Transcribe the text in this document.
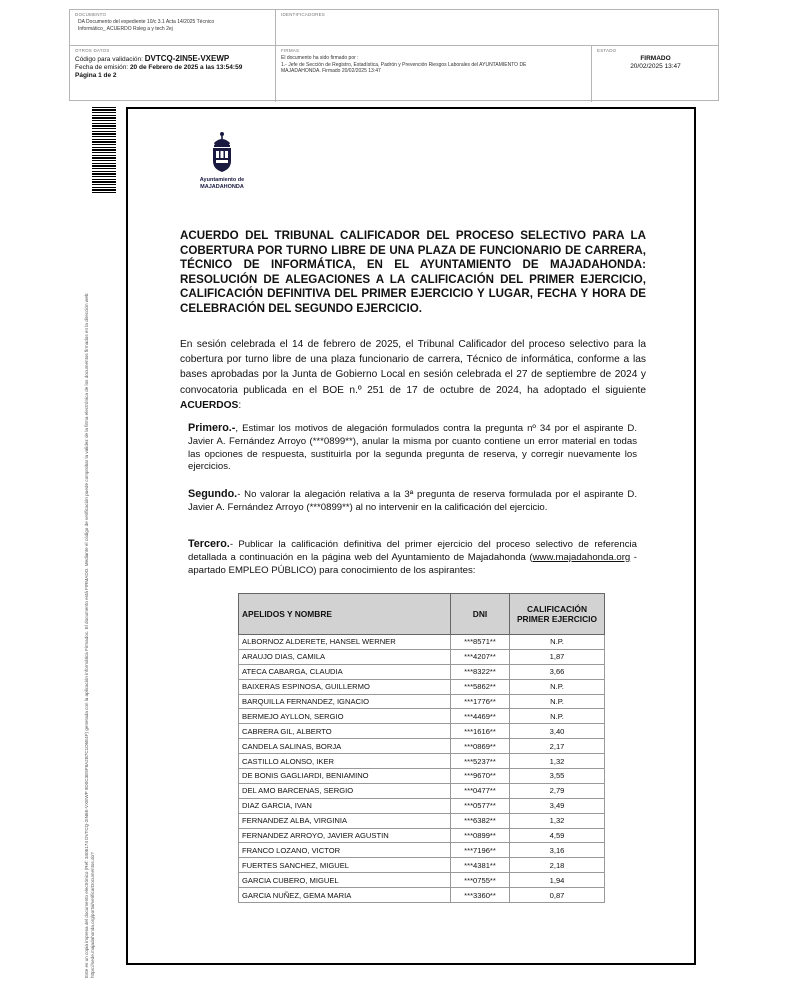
DOCUMENTO
DA Documento del expediente 10/c 3.1 Acta 14/2025 Técnico
Informático_ ACUERDO Rsleg a y tech 2ej
IDENTIFICADORES
OTROS DATOS
Código para validación: DVTCQ-2IN5E-VXEWP
Fecha de emisión: 20 de Febrero de 2025 a las 13:54:59
Página 1 de 2
FIRMAS
El documento ha sido firmado por :
1.- Jefe de Sección de Registro, Estadística, Padrón y Prevención Riesgos Laborales del AYUNTAMIENTO DE
MAJADAHONDA. Firmado 20/02/2025 13:47
ESTADO
FIRMADO
20/02/2025 13:47
Este es un copia impresa del documento electrónico (Ref: 3406174 DVTCQ-2IN5E-VXEWP 9D0C3E5F8A2B7C1D6E4F) generada con la aplicación informática Firmadoc. El documento está FIRMADO. Mediante el código de verificación puede comprobar la validez de la firma electrónica de los documentos firmados en la dirección web: https://sede.majadahonda.org/portal/verificarDocumentos.do?
Ayuntamiento de
MAJADAHONDA
ACUERDO DEL TRIBUNAL CALIFICADOR DEL PROCESO SELECTIVO PARA LA COBERTURA POR TURNO LIBRE DE UNA PLAZA DE FUNCIONARIO DE CARRERA, TÉCNICO DE INFORMÁTICA, EN EL AYUNTAMIENTO DE MAJADAHONDA: RESOLUCIÓN DE ALEGACIONES A LA CALIFICACIÓN DEL PRIMER EJERCICIO, CALIFICACIÓN DEFINITIVA DEL PRIMER EJERCICIO Y LUGAR, FECHA Y HORA DE CELEBRACIÓN DEL SEGUNDO EJERCICIO.
En sesión celebrada el 14 de febrero de 2025, el Tribunal Calificador del proceso selectivo para la cobertura por turno libre de una plaza funcionario de carrera, Técnico de informática, conforme a las bases aprobadas por la Junta de Gobierno Local en sesión celebrada el 27 de septiembre de 2024 y convocatoria publicada en el BOE n.º 251 de 17 de octubre de 2024, ha adoptado el siguiente ACUERDOS:
Primero.-, Estimar los motivos de alegación formulados contra la pregunta nº 34 por el aspirante D. Javier A. Fernández Arroyo (***0899**), anular la misma por cuanto contiene un error material en todas las opciones de respuesta, sustituirla por la segunda pregunta de reserva, y corregir nuevamente los ejercicios.
Segundo.- No valorar la alegación relativa a la 3ª pregunta de reserva formulada por el aspirante D. Javier A. Fernández Arroyo (***0899**) al no intervenir en la calificación del ejercicio.
Tercero.- Publicar la calificación definitiva del primer ejercicio del proceso selectivo de referencia detallada a continuación en la página web del Ayuntamiento de Majadahonda (www.majadahonda.org - apartado EMPLEO PÚBLICO) para conocimiento de los aspirantes:
APELIDOS Y NOMBRE	DNI	CALIFICACIÓN PRIMER EJERCICIO
ALBORNOZ ALDERETE, HANSEL WERNER	***8571**	N.P.
ARAUJO DIAS, CAMILA	***4207**	1,87
ATECA CABARGA, CLAUDIA	***8322**	3,66
BAIXERAS ESPINOSA, GUILLERMO	***5862**	N.P.
BARQUILLA FERNANDEZ, IGNACIO	***1776**	N.P.
BERMEJO AYLLON, SERGIO	***4469**	N.P.
CABRERA GIL, ALBERTO	***1616**	3,40
CANDELA SALINAS, BORJA	***0869**	2,17
CASTILLO ALONSO, IKER	***5237**	1,32
DE BONIS GAGLIARDI, BENIAMINO	***9670**	3,55
DEL AMO BARCENAS, SERGIO	***0477**	2,79
DIAZ GARCIA, IVAN	***0577**	3,49
FERNANDEZ ALBA, VIRGINIA	***6382**	1,32
FERNANDEZ ARROYO, JAVIER AGUSTIN	***0899**	4,59
FRANCO LOZANO, VICTOR	***7196**	3,16
FUERTES SANCHEZ, MIGUEL	***4381**	2,18
GARCIA CUBERO, MIGUEL	***0755**	1,94
GARCIA NUÑEZ, GEMA MARIA	***3360**	0,87
